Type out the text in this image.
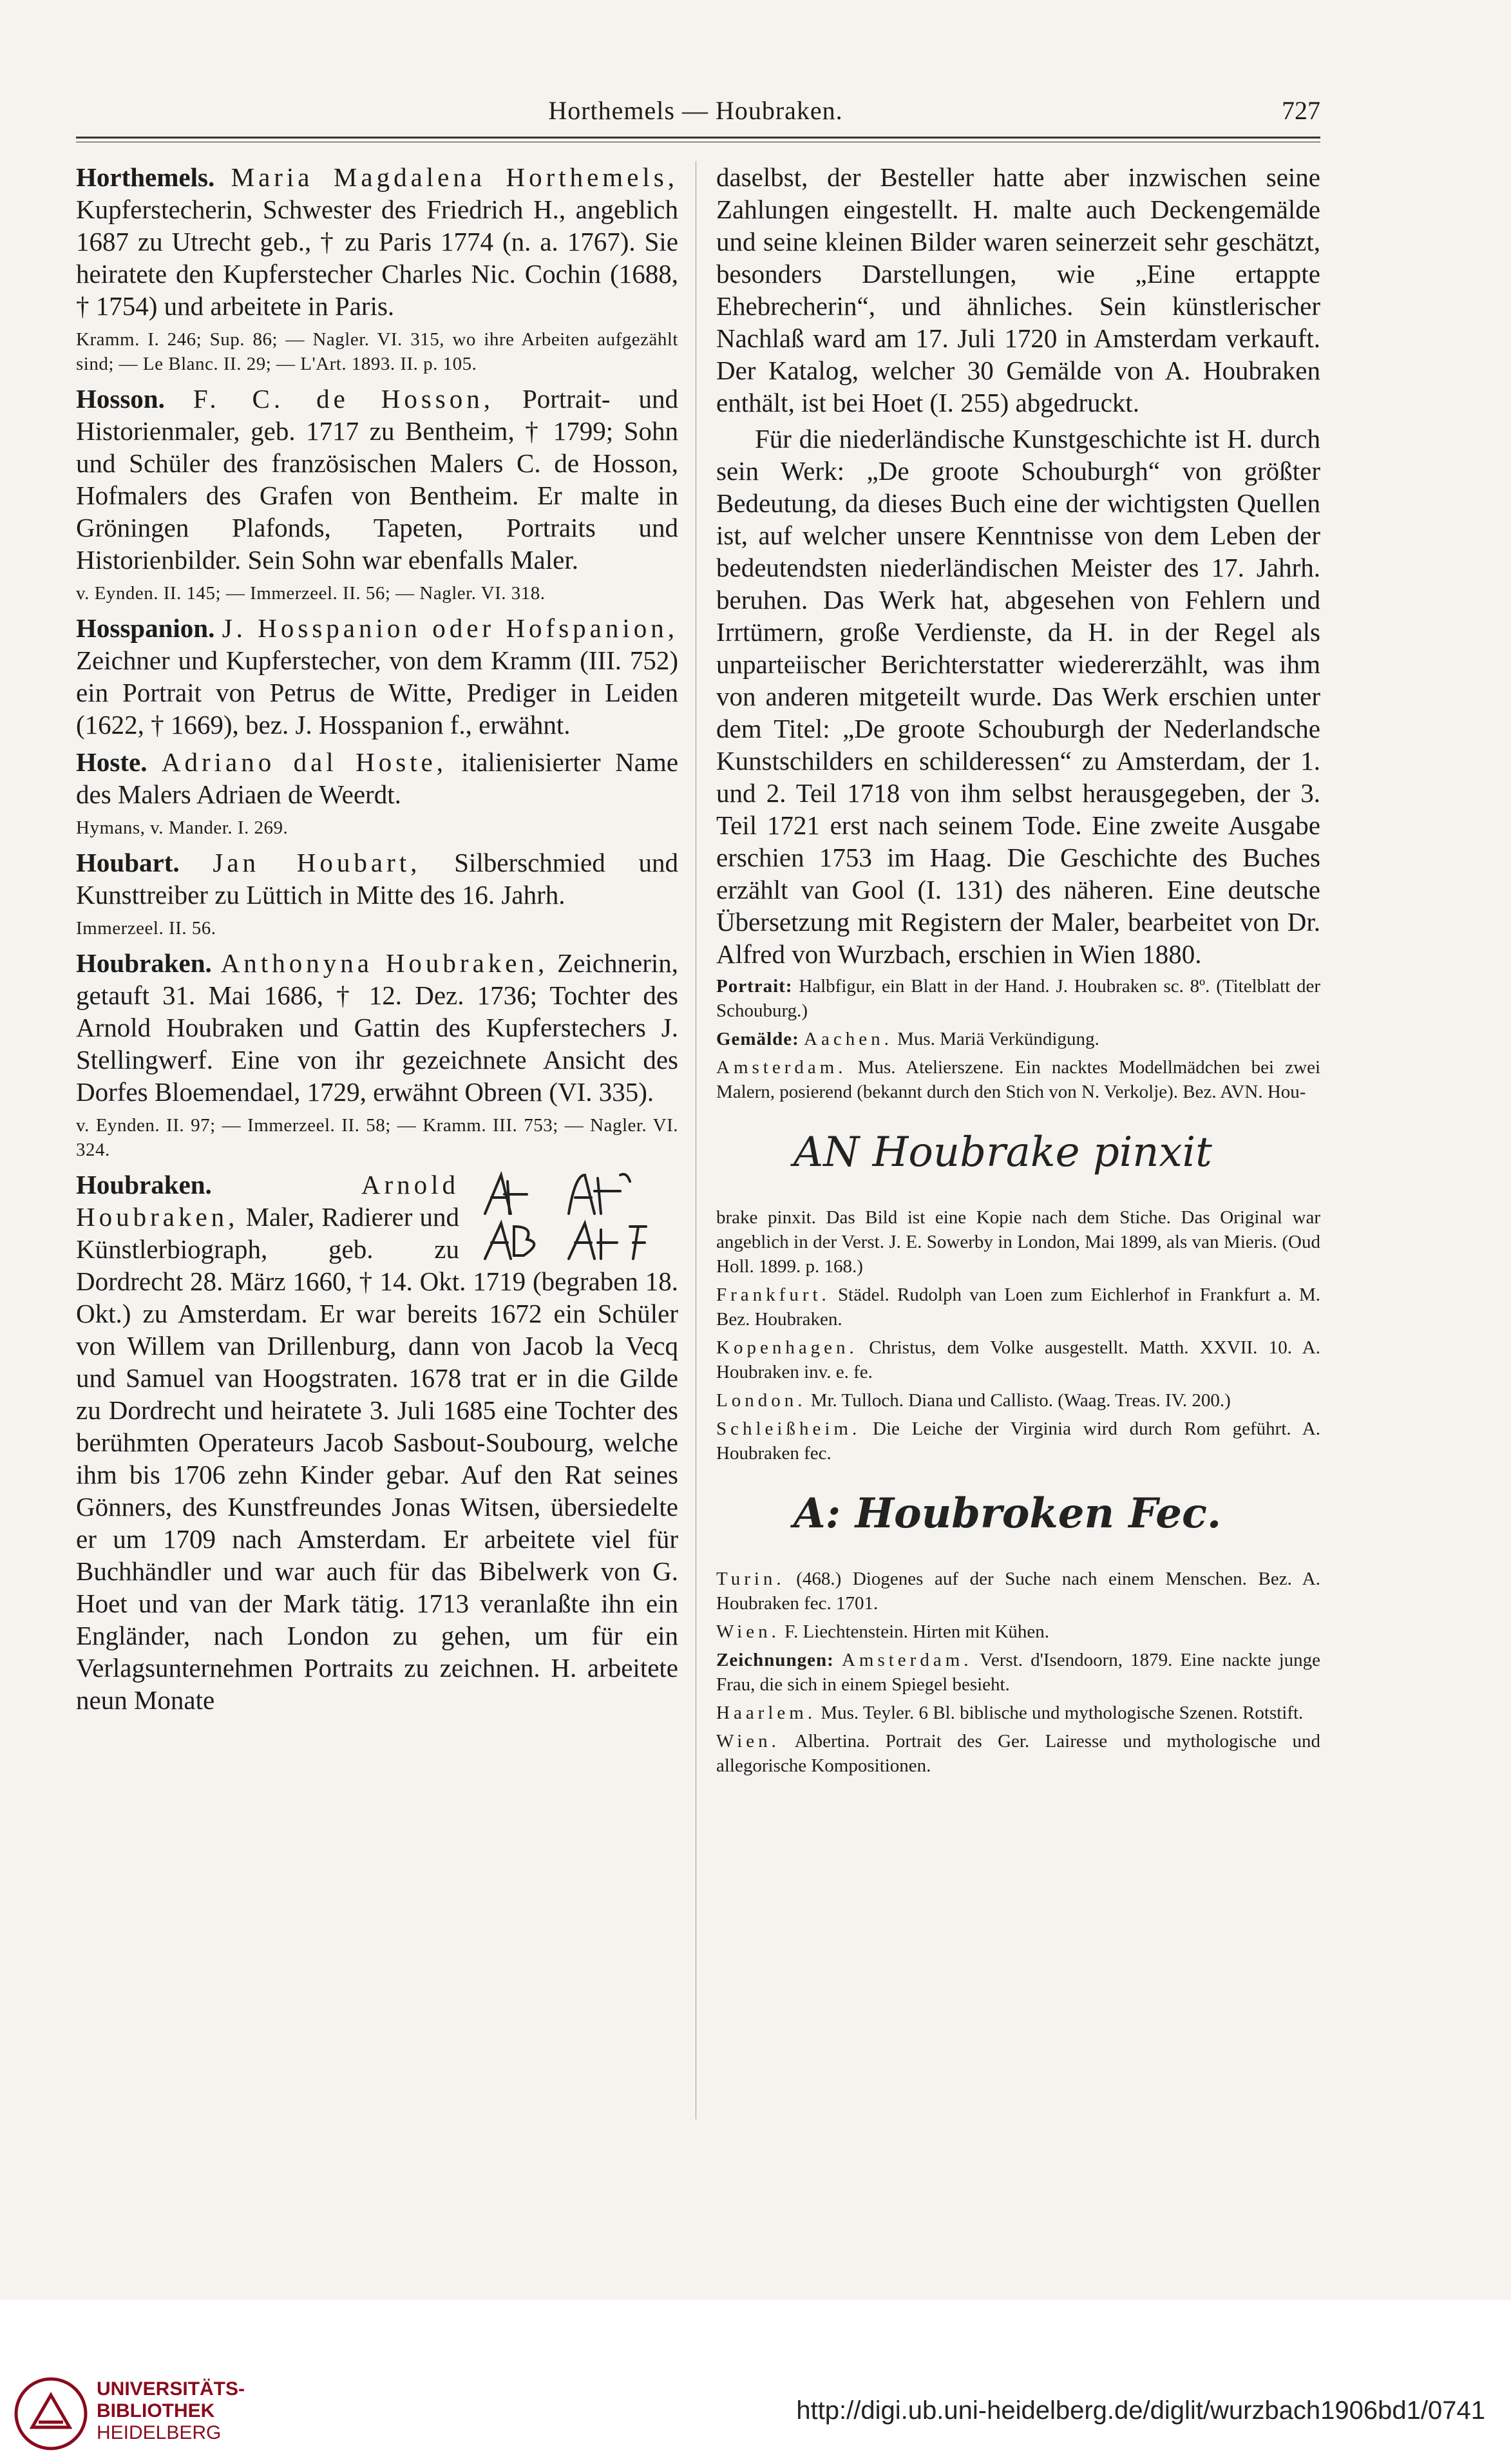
Horthemels — Houbraken.	727
Horthemels. Maria Magdalena Horthemels, Kupferstecherin, Schwester des Friedrich H., angeblich 1687 zu Utrecht geb., † zu Paris 1774 (n. a. 1767). Sie heiratete den Kupferstecher Charles Nic. Cochin (1688, † 1754) und arbeitete in Paris.
Kramm. I. 246; Sup. 86; — Nagler. VI. 315, wo ihre Arbeiten aufgezählt sind; — Le Blanc. II. 29; — L'Art. 1893. II. p. 105.
Hosson. F. C. de Hosson, Portrait- und Historienmaler, geb. 1717 zu Bentheim, † 1799; Sohn und Schüler des französischen Malers C. de Hosson, Hofmalers des Grafen von Bentheim. Er malte in Gröningen Plafonds, Tapeten, Portraits und Historienbilder. Sein Sohn war ebenfalls Maler.
v. Eynden. II. 145; — Immerzeel. II. 56; — Nagler. VI. 318.
Hosspanion. J. Hosspanion oder Hofspanion, Zeichner und Kupferstecher, von dem Kramm (III. 752) ein Portrait von Petrus de Witte, Prediger in Leiden (1622, † 1669), bez. J. Hosspanion f., erwähnt.
Hoste. Adriano dal Hoste, italienisierter Name des Malers Adriaen de Weerdt.
Hymans, v. Mander. I. 269.
Houbart. Jan Houbart, Silberschmied und Kunsttreiber zu Lüttich in Mitte des 16. Jahrh.
Immerzeel. II. 56.
Houbraken. Anthonyna Houbraken, Zeichnerin, getauft 31. Mai 1686, † 12. Dez. 1736; Tochter des Arnold Houbraken und Gattin des Kupferstechers J. Stellingwerf. Eine von ihr gezeichnete Ansicht des Dorfes Bloemendael, 1729, erwähnt Obreen (VI. 335).
v. Eynden. II. 97; — Immerzeel. II. 58; — Kramm. III. 753; — Nagler. VI. 324.
Houbraken.	Arnold Houbraken, Maler, Radierer und Künstlerbiograph, geb. zu Dordrecht 28. März 1660, † 14. Okt. 1719 (begraben 18. Okt.) zu Amsterdam. Er war bereits 1672 ein Schüler von Willem van Drillenburg, dann von Jacob la Vecq und Samuel van Hoogstraten. 1678 trat er in die Gilde zu Dordrecht und heiratete 3. Juli 1685 eine Tochter des berühmten Operateurs Jacob Sasbout-Soubourg, welche ihm bis 1706 zehn Kinder gebar. Auf den Rat seines Gönners, des Kunstfreundes Jonas Witsen, übersiedelte er um 1709 nach Amsterdam. Er arbeitete viel für Buchhändler und war auch für das Bibelwerk von G. Hoet und van der Mark tätig. 1713 veranlaßte ihn ein Engländer, nach London zu gehen, um für ein Verlagsunternehmen Portraits zu zeichnen. H. arbeitete neun Monate
daselbst, der Besteller hatte aber inzwischen seine Zahlungen eingestellt. H. malte auch Deckengemälde und seine kleinen Bilder waren seinerzeit sehr geschätzt, besonders Darstellungen, wie „Eine ertappte Ehebrecherin“, und ähnliches. Sein künstlerischer Nachlaß ward am 17. Juli 1720 in Amsterdam verkauft. Der Katalog, welcher 30 Gemälde von A. Houbraken enthält, ist bei Hoet (I. 255) abgedruckt.
Für die niederländische Kunstgeschichte ist H. durch sein Werk: „De groote Schouburgh“ von größter Bedeutung, da dieses Buch eine der wichtigsten Quellen ist, auf welcher unsere Kenntnisse von dem Leben der bedeutendsten niederländischen Meister des 17. Jahrh. beruhen. Das Werk hat, abgesehen von Fehlern und Irrtümern, große Verdienste, da H. in der Regel als unparteiischer Berichterstatter wiedererzählt, was ihm von anderen mitgeteilt wurde. Das Werk erschien unter dem Titel: „De groote Schouburgh der Nederlandsche Kunstschilders en schilderessen“ zu Amsterdam, der 1. und 2. Teil 1718 von ihm selbst herausgegeben, der 3. Teil 1721 erst nach seinem Tode. Eine zweite Ausgabe erschien 1753 im Haag. Die Geschichte des Buches erzählt van Gool (I. 131) des näheren. Eine deutsche Übersetzung mit Registern der Maler, bearbeitet von Dr. Alfred von Wurzbach, erschien in Wien 1880.
Portrait: Halbfigur, ein Blatt in der Hand. J. Houbraken sc. 8º. (Titelblatt der Schouburg.)
Gemälde: Aachen. Mus. Mariä Verkündigung.
Amsterdam. Mus. Atelierszene. Ein nacktes Modellmädchen bei zwei Malern, posierend (bekannt durch den Stich von N. Verkolje). Bez. AVN. Hou-
AN Houbrake pinxit
brake pinxit. Das Bild ist eine Kopie nach dem Stiche. Das Original war angeblich in der Verst. J. E. Sowerby in London, Mai 1899, als van Mieris. (Oud Holl. 1899. p. 168.)
Frankfurt. Städel. Rudolph van Loen zum Eichlerhof in Frankfurt a. M. Bez. Houbraken.
Kopenhagen. Christus, dem Volke ausgestellt. Matth. XXVII. 10. A. Houbraken inv. e. fe.
London. Mr. Tulloch. Diana und Callisto. (Waag. Treas. IV. 200.)
Schleißheim. Die Leiche der Virginia wird durch Rom geführt. A. Houbraken fec.
A: Houbroken Fec.
Turin. (468.) Diogenes auf der Suche nach einem Menschen. Bez. A. Houbraken fec. 1701.
Wien. F. Liechtenstein. Hirten mit Kühen.
Zeichnungen: Amsterdam. Verst. d'Isendoorn, 1879. Eine nackte junge Frau, die sich in einem Spiegel besieht.
Haarlem. Mus. Teyler. 6 Bl. biblische und mythologische Szenen. Rotstift.
Wien. Albertina. Portrait des Ger. Lairesse und mythologische und allegorische Kompositionen.
UNIVERSITÄTS-
BIBLIOTHEK
HEIDELBERG
http://digi.ub.uni-heidelberg.de/diglit/wurzbach1906bd1/0741
